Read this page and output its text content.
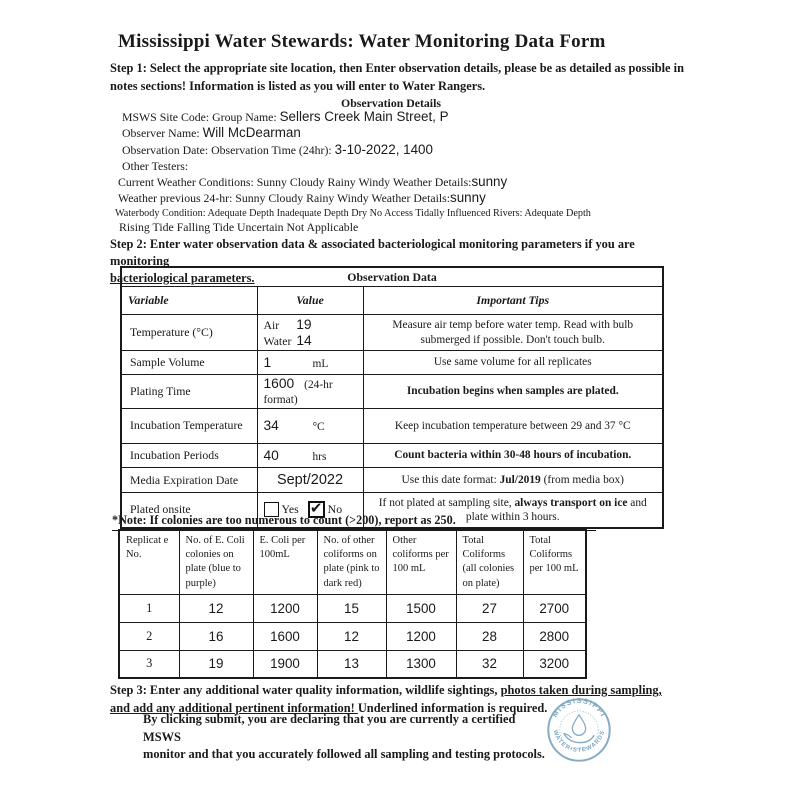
Mississippi Water Stewards: Water Monitoring Data Form
Step 1: Select the appropriate site location, then Enter observation details, please be as detailed as possible in
notes sections! Information is listed as you will enter to Water Rangers.
Observation Details
MSWS Site Code: Group Name: Sellers Creek Main Street, P
Observer Name: Will McDearman
Observation Date: Observation Time (24hr): 3-10-2022, 1400
Other Testers:
Current Weather Conditions: Sunny Cloudy Rainy Windy Weather Details:sunny
Weather previous 24-hr: Sunny Cloudy Rainy Windy Weather Details:sunny
Waterbody Condition: Adequate Depth Inadequate Depth Dry No Access Tidally Influenced Rivers: Adequate Depth
Rising Tide Falling Tide Uncertain Not Applicable
Step 2: Enter water observation data & associated bacteriological monitoring parameters if you are monitoring
bacteriological parameters.	Observation Data		
Variable	Value	Important Tips
Temperature (°C)	Air 19
Water 14	Measure air temp before water temp. Read with bulb submerged if possible. Don't touch bulb.
Sample Volume	1 mL	Use same volume for all replicates
Plating Time	1600 (24-hr format)	Incubation begins when samples are plated.
Incubation Temperature	34 °C	Keep incubation temperature between 29 and 37 °C
Incubation Periods	40 hrs	Count bacteria within 30-48 hours of incubation.
Media Expiration Date	Sept/2022	Use this date format: Jul/2019 (from media box)
Plated onsite	Yes ✔ No	If not plated at sampling site, always transport on ice and plate within 3 hours.
*Note: If colonies are too numerous to count (>200), report as 250.
Replicat e No.	No. of E. Coli colonies on plate (blue to purple)	E. Coli per 100mL	No. of other coliforms on plate (pink to dark red)	Other coliforms per 100 mL	Total Coliforms (all colonies on plate)	Total Coliforms per 100 mL
1	12	1200	15	1500	27	2700
2	16	1600	12	1200	28	2800
3	19	1900	13	1300	32	3200
Step 3: Enter any additional water quality information, wildlife sightings, photos taken during sampling,
and add any additional pertinent information! Underlined information is required.
By clicking submit, you are declaring that you are currently a certified MSWS
monitor and that you accurately followed all sampling and testing protocols.
MISSISSIPPI
WATER•STEWARDS
